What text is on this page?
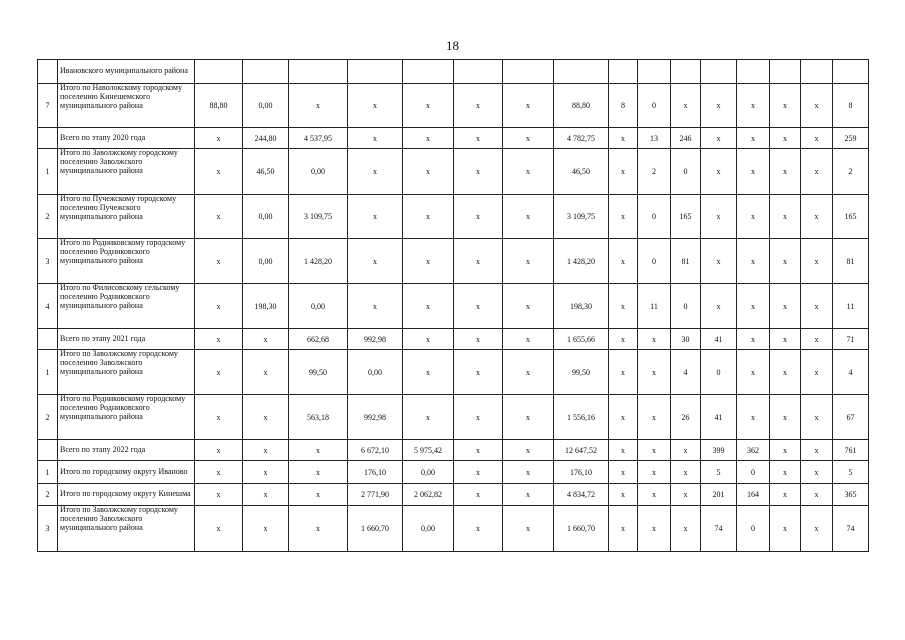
18
	Ивановского муниципального района																
7	Итого по Наволокскому городскому поселению Кинешемского муниципального района	88,80	0,00	x	x	x	x	x	88,80	8	0	x	x	x	x	x	8
	Всего по этапу 2020 года	x	244,80	4 537,95	x	x	x	x	4 782,75	x	13	246	x	x	x	x	259
1	Итого по Заволжскому городскому поселению Заволжского муниципального района	x	46,50	0,00	x	x	x	x	46,50	x	2	0	x	x	x	x	2
2	Итого по Пучежскому городскому поселению Пучежского муниципального района	x	0,00	3 109,75	x	x	x	x	3 109,75	x	0	165	x	x	x	x	165
3	Итого по Родниковскому городскому поселению Родниковского муниципального района	x	0,00	1 428,20	x	x	x	x	1 428,20	x	0	81	x	x	x	x	81
4	Итого по Филисовскому сельскому поселению Родниковского муниципального района	x	198,30	0,00	x	x	x	x	198,30	x	11	0	x	x	x	x	11
	Всего по этапу 2021 года	x	x	662,68	992,98	x	x	x	1 655,66	x	x	30	41	x	x	x	71
1	Итого по Заволжскому городскому поселению Заволжского муниципального района	x	x	99,50	0,00	x	x	x	99,50	x	x	4	0	x	x	x	4
2	Итого по Родниковскому городскому поселению Родниковского муниципального района	x	x	563,18	992,98	x	x	x	1 556,16	x	x	26	41	x	x	x	67
	Всего по этапу 2022 года	x	x	x	6 672,10	5 975,42	x	x	12 647,52	x	x	x	399	362	x	x	761
1	Итого по городскому округу Иваново	x	x	x	176,10	0,00	x	x	176,10	x	x	x	5	0	x	x	5
2	Итого по городскому округу Кинешма	x	x	x	2 771,90	2 062,82	x	x	4 834,72	x	x	x	201	164	x	x	365
3	Итого по Заволжскому городскому поселению Заволжского муниципального района	x	x	x	1 660,70	0,00	x	x	1 660,70	x	x	x	74	0	x	x	74
